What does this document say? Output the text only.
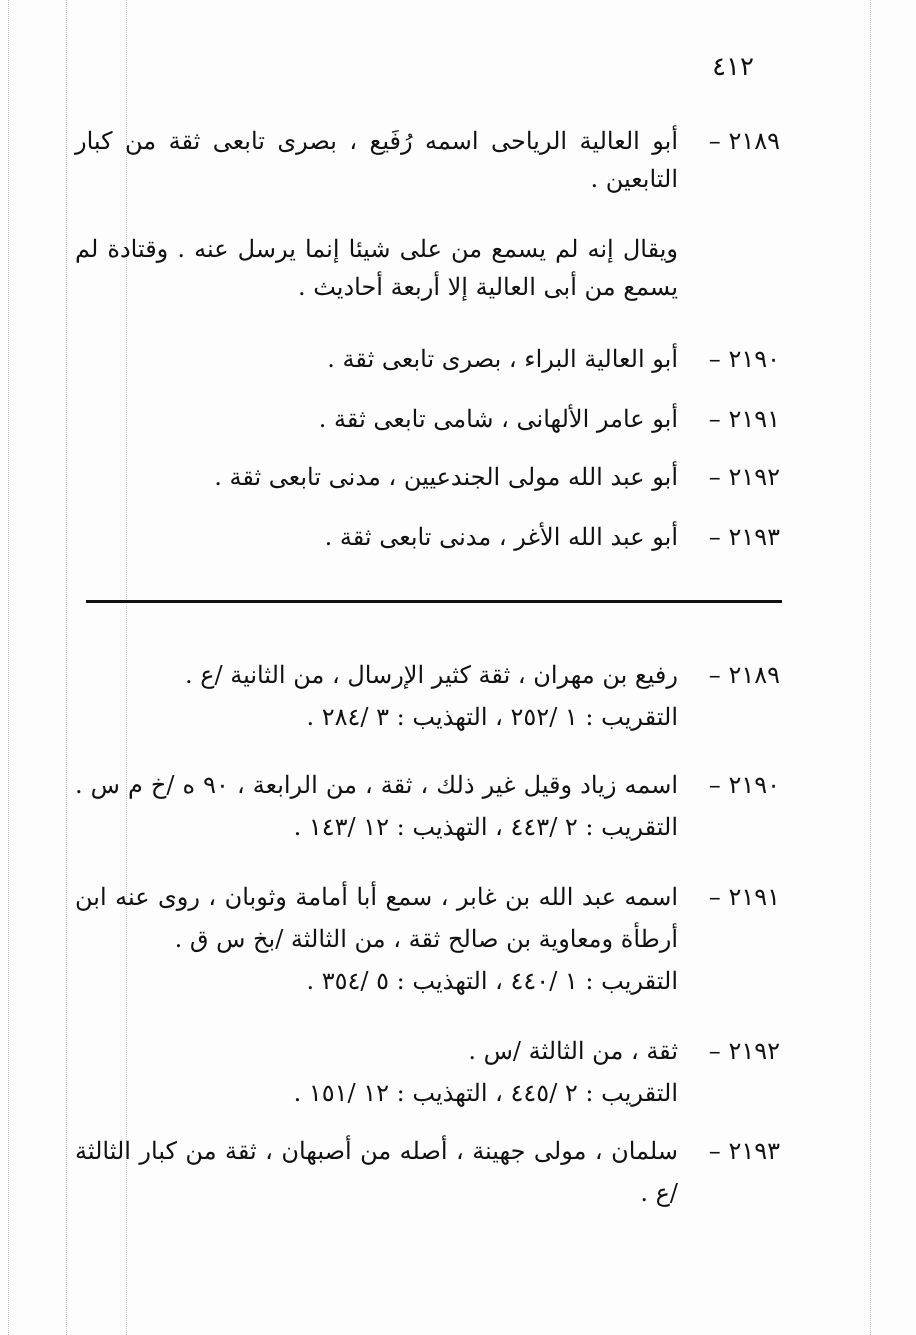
٤١٢

٢١٨٩ –
أبو العالية الرياحى اسمه رُفَيع ، بصرى تابعى ثقة من كبار التابعين .
ويقال إنه لم يسمع من على شيئا إنما يرسل عنه . وقتادة لم يسمع من أبى العالية إلا أربعة أحاديث .
٢١٩٠ –
أبو العالية البراء ، بصرى تابعى ثقة .
٢١٩١ –
أبو عامر الألهانى ، شامى تابعى ثقة .
٢١٩٢ –
أبو عبد الله مولى الجندعيين ، مدنى تابعى ثقة .
٢١٩٣ –
أبو عبد الله الأغر ، مدنى تابعى ثقة .
٢١٨٩ –
رفيع بن مهران ، ثقة كثير الإرسال ، من الثانية /ع .
التقريب : ١ /٢٥٢ ، التهذيب : ٣ /٢٨٤ .
٢١٩٠ –
اسمه زياد وقيل غير ذلك ، ثقة ، من الرابعة ، ٩٠ ه /خ م س . التقريب : ٢ /٤٤٣ ، التهذيب : ١٢ /١٤٣ .
٢١٩١ –
اسمه عبد الله بن غابر ، سمع أبا أمامة وثوبان ، روى عنه ابن أرطأة ومعاوية بن صالح ثقة ، من الثالثة /بخ س ق .
التقريب : ١ /٤٤٠ ، التهذيب : ٥ /٣٥٤ .
٢١٩٢ –
ثقة ، من الثالثة /س .
التقريب : ٢ /٤٤٥ ، التهذيب : ١٢ /١٥١ .
٢١٩٣ –
سلمان ، مولى جهينة ، أصله من أصبهان ، ثقة من كبار الثالثة /ع .
